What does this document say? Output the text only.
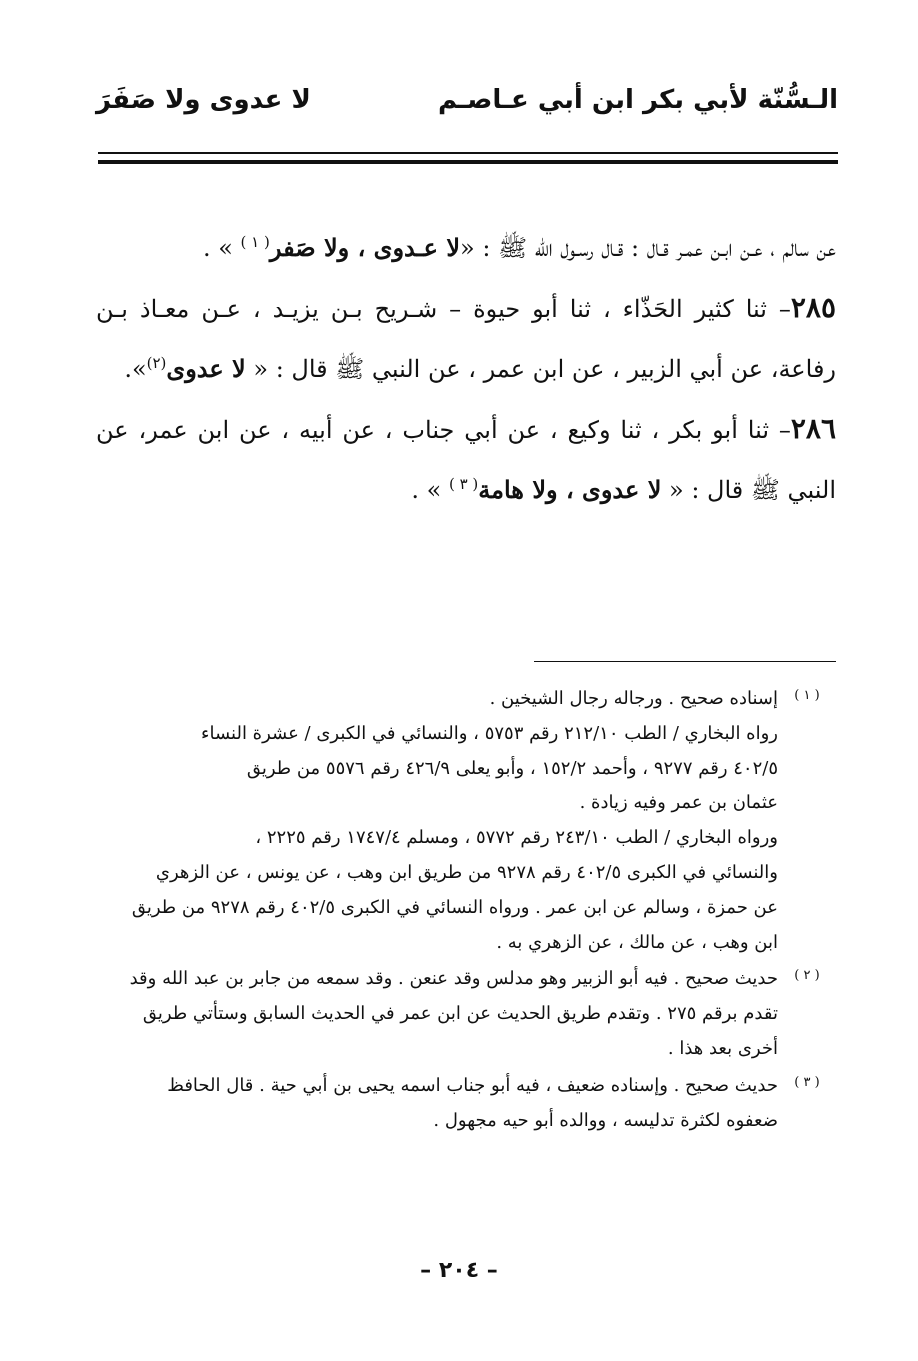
الـسُّنّة لأبي بكر ابن أبي عـاصـم
لا عدوى ولا صَفَرَ

عن سالم ، عـن ابـن عمـر قـال : قـال رسـول الله ﷺ : «لا عـدوى ، ولا صَفر$^{( ١ )}$ » .

٢٨٥– ثنا كثير الحَذّاء ، ثنا أبو حيوة – شـريح بـن يزيـد ، عـن معـاذ بـن رفاعة، عن أبي الزبير ، عن ابن عمر ، عن النبي ﷺ قال : « لا عدوى$^{(٢)}$».

٢٨٦– ثنا أبو بكر ، ثنا وكيع ، عن أبي جناب ، عن أبيه ، عن ابن عمر، عن النبي ﷺ قال : « لا عدوى ، ولا هامة$^{( ٣ )}$ » .

( ١ )
إسناده صحيح . ورجاله رجال الشيخين .
رواه البخاري / الطب ٢١٢/١٠ رقم ٥٧٥٣ ، والنسائي في الكبرى / عشرة النساء
٤٠٢/٥ رقم ٩٢٧٧ ، وأحمد ١٥٢/٢ ، وأبو يعلى ٤٢٦/٩ رقم ٥٥٧٦ من طريق
عثمان بن عمر وفيه زيادة .
ورواه البخاري / الطب ٢٤٣/١٠ رقم ٥٧٧٢ ، ومسلم ١٧٤٧/٤ رقم ٢٢٢٥ ،
والنسائي في الكبرى ٤٠٢/٥ رقم ٩٢٧٨ من طريق ابن وهب ، عن يونس ، عن الزهري
عن حمزة ، وسالم عن ابن عمر . ورواه النسائي في الكبرى ٤٠٢/٥ رقم ٩٢٧٨ من طريق
ابن وهب ، عن مالك ، عن الزهري به .
( ٢ )
حديث صحيح . فيه أبو الزبير وهو مدلس وقد عنعن . وقد سمعه من جابر بن عبد الله وقد
تقدم برقم ٢٧٥ . وتقدم طريق الحديث عن ابن عمر في الحديث السابق وستأتي طريق
أخرى بعد هذا .
( ٣ )
حديث صحيح . وإسناده ضعيف ، فيه أبو جناب اسمه يحيى بن أبي حية . قال الحافظ
ضعفوه لكثرة تدليسه ، ووالده أبو حيه مجهول .
– ٢٠٤ –
